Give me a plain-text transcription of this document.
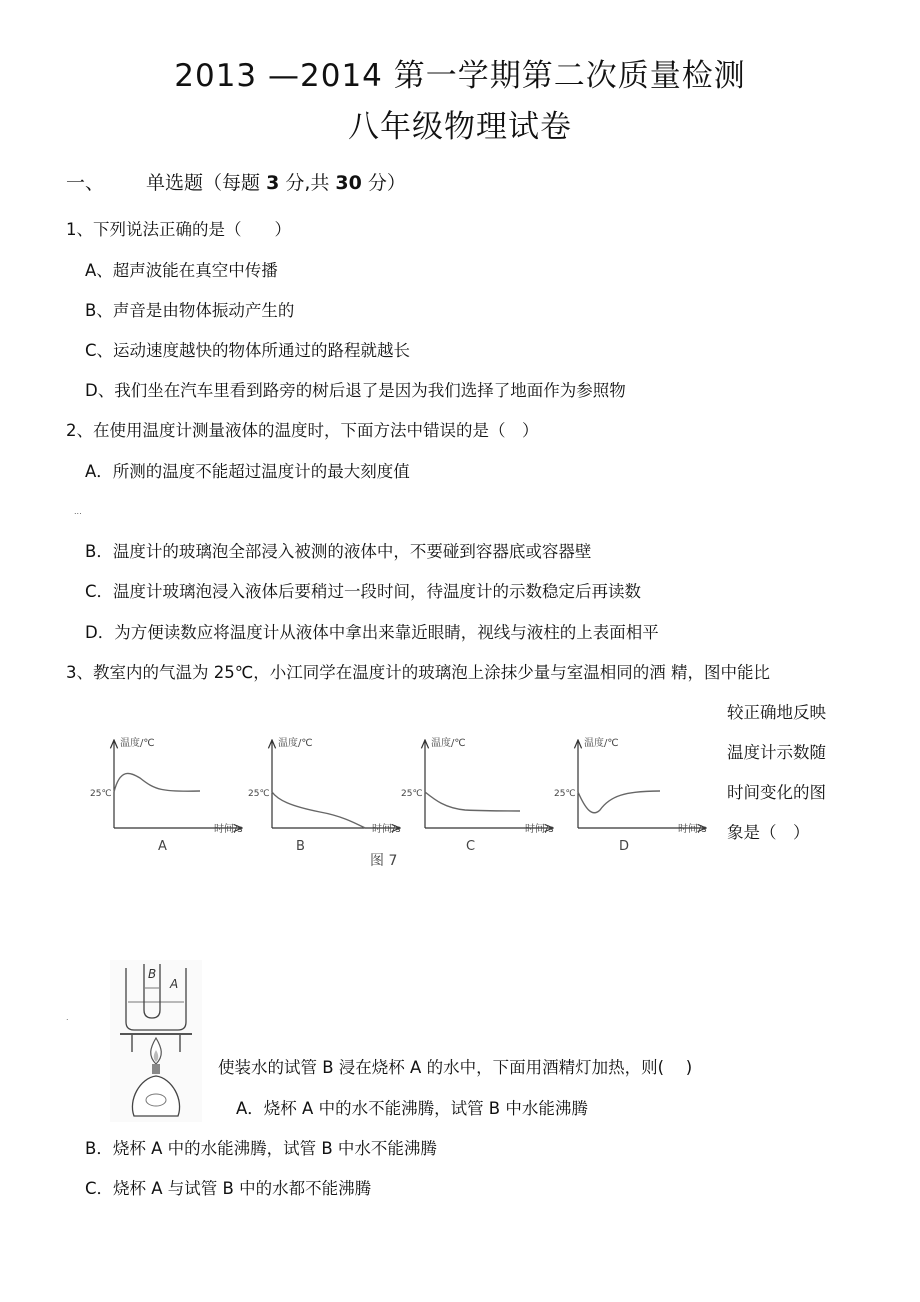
2013 —2014 第一学期第二次质量检测
八年级物理试卷
一、 单选题（每题 3 分,共 30 分）
1、下列说法正确的是（　　）
A、超声波能在真空中传播
B、声音是由物体振动产生的
C、运动速度越快的物体所通过的路程就越长
D、我们坐在汽车里看到路旁的树后退了是因为我们选择了地面作为参照物
2、在使用温度计测量液体的温度时，下面方法中错误的是（　）
A．所测的温度不能超过温度计的最大刻度值
...
B．温度计的玻璃泡全部浸入被测的液体中，不要碰到容器底或容器壁
C．温度计玻璃泡浸入液体后要稍过一段时间，待温度计的示数稳定后再读数
D．为方便读数应将温度计从液体中拿出来靠近眼睛，视线与液柱的上表面相平
3、教室内的气温为 25℃，小江同学在温度计的玻璃泡上涂抹少量与室温相同的酒 精，图中能比
较正确地反映
温度计示数随
时间变化的图
象是（　）
温度/℃
时间/s
25℃
A
温度/℃
时间/s
25℃
B
温度/℃
时间/s
25℃
C
温度/℃
时间/s
25℃
D
图 7
.
B
A
使装水的试管 B 浸在烧杯 A 的水中，下面用酒精灯加热，则(　 )
A．烧杯 A 中的水不能沸腾，试管 B 中水能沸腾
B．烧杯 A 中的水能沸腾，试管 B 中水不能沸腾
C．烧杯 A 与试管 B 中的水都不能沸腾
